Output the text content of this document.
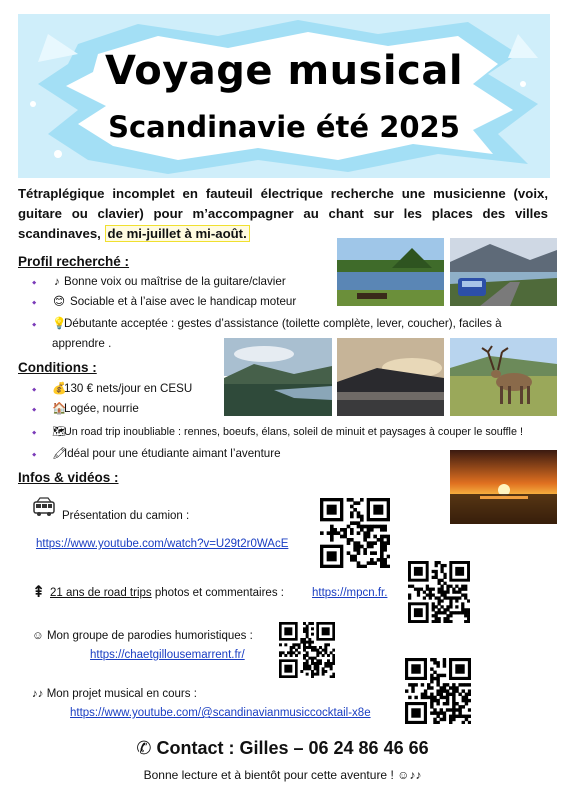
Voyage musical
Scandinavie été 2025
Tétraplégique incomplet en fauteuil électrique recherche une musicienne (voix, guitare ou clavier) pour m’accompagner au chant sur les places des villes scandinaves, de mi-juillet à mi-août.
Profil recherché :
⬩ ♪ Bonne voix ou maîtrise de la guitare/clavier
⬩ 😊 Sociable et à l’aise avec le handicap moteur
⬩ 💡Débutante acceptée : gestes d’assistance (toilette complète, lever, coucher), faciles à apprendre .
Conditions :
⬩ 💰130 € nets/jour en CESU
⬩ 🏠Logée, nourrie
⬩ 🗺Un road trip inoubliable : rennes, boeufs, élans, soleil de minuit et paysages à couper le souffle !
⬩ 🖍Idéal pour une étudiante aimant l’aventure
Infos & vidéos :
Présentation du camion :
https://www.youtube.com/watch?v=U29t2r0WAcE
⇞ 21 ans de road trips photos et commentaires : https://mpcn.fr.
☺ Mon groupe de parodies humoristiques :
https://chaetgillousemarrent.fr/
♪♪ Mon projet musical en cours :
https://www.youtube.com/@scandinavianmusiccocktail-x8e
✆ Contact : Gilles – 06 24 86 46 66
Bonne lecture et à bientôt pour cette aventure ! ☺♪♪
